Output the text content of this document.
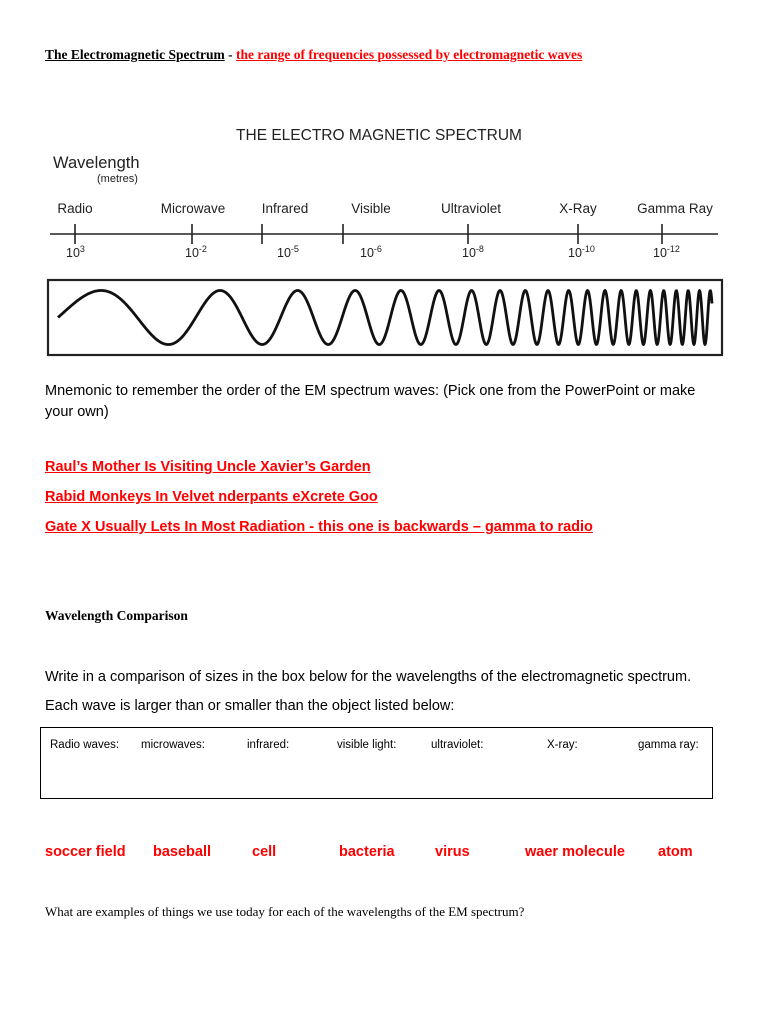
The Electromagnetic Spectrum - the range of frequencies possessed by electromagnetic waves
THE ELECTRO MAGNETIC SPECTRUM
Wavelength
(metres)
Radio	Microwave	Infrared	Visible	Ultraviolet	X-Ray	Gamma Ray
$10^3$	$10^{-2}$	$10^{-5}$	$10^{-6}$	$10^{-8}$	$10^{-10}$	$10^{-12}$
Mnemonic to remember the order of the EM spectrum waves: (Pick one from the PowerPoint or make your own)
Raul’s Mother Is Visiting Uncle Xavier’s Garden
Rabid Monkeys In Velvet nderpants eXcrete Goo
Gate X Usually Lets In Most Radiation - this one is backwards – gamma to radio
Wavelength Comparison
Write in a comparison of sizes in the box below for the wavelengths of the electromagnetic spectrum.
Each wave is larger than or smaller than the object listed below:
Radio waves: microwaves:	infrared:	visible light:	ultraviolet:	X-ray:	gamma ray:
soccer field baseball	cell	bacteria	virus	waer molecule atom
What are examples of things we use today for each of the wavelengths of the EM spectrum?
